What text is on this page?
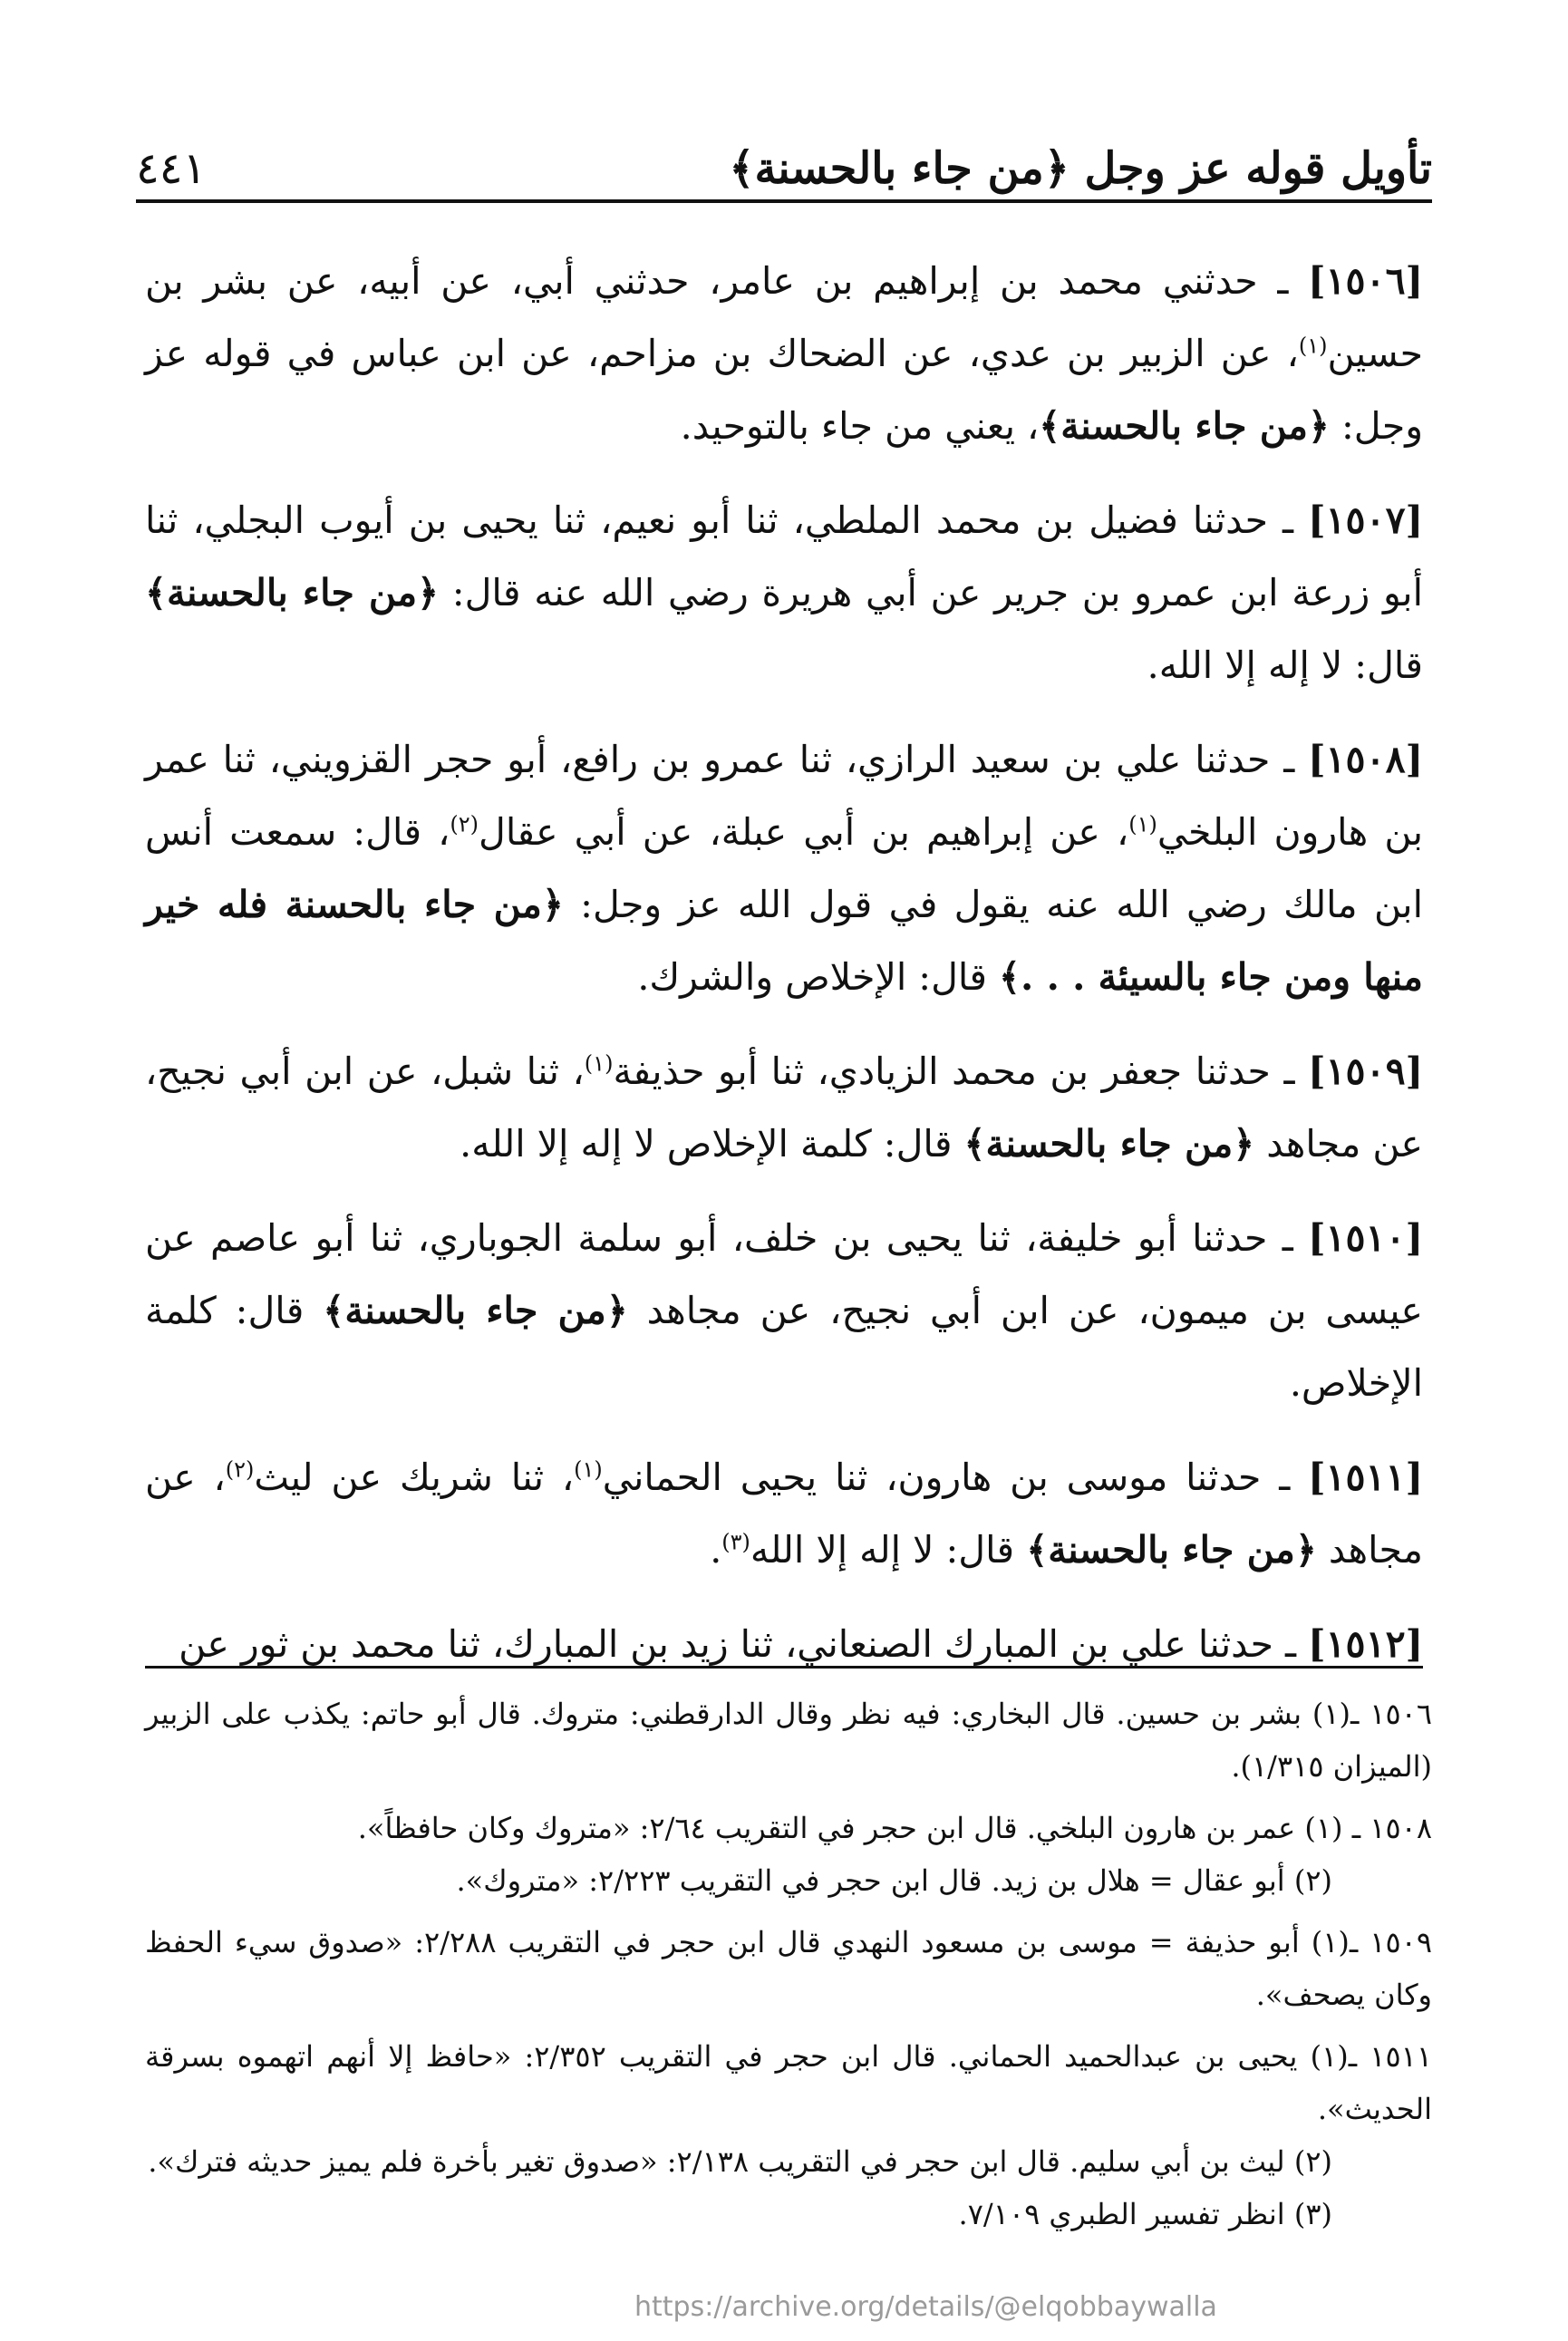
تأويل قوله عز وجل ﴿من جاء بالحسنة﴾
٤٤١

[١٥٠٦] ـ حدثني محمد بن إبراهيم بن عامر، حدثني أبي، عن أبيه، عن بشر بن حسين$^{(١)}$، عن الزبير بن عدي، عن الضحاك بن مزاحم، عن ابن عباس في قوله عز وجل: ﴿من جاء بالحسنة﴾، يعني من جاء بالتوحيد.

[١٥٠٧] ـ حدثنا فضيل بن محمد الملطي، ثنا أبو نعيم، ثنا يحيى بن أيوب البجلي، ثنا أبو زرعة ابن عمرو بن جرير عن أبي هريرة رضي الله عنه قال: ﴿من جاء بالحسنة﴾ قال: لا إله إلا الله.

[١٥٠٨] ـ حدثنا علي بن سعيد الرازي، ثنا عمرو بن رافع، أبو حجر القزويني، ثنا عمر بن هارون البلخي$^{(١)}$، عن إبراهيم بن أبي عبلة، عن أبي عقال$^{(٢)}$، قال: سمعت أنس ابن مالك رضي الله عنه يقول في قول الله عز وجل: ﴿من جاء بالحسنة فله خير منها ومن جاء بالسيئة . . .﴾ قال: الإخلاص والشرك.

[١٥٠٩] ـ حدثنا جعفر بن محمد الزيادي، ثنا أبو حذيفة$^{(١)}$، ثنا شبل، عن ابن أبي نجيح، عن مجاهد ﴿من جاء بالحسنة﴾ قال: كلمة الإخلاص لا إله إلا الله.

[١٥١٠] ـ حدثنا أبو خليفة، ثنا يحيى بن خلف، أبو سلمة الجوباري، ثنا أبو عاصم عن عيسى بن ميمون، عن ابن أبي نجيح، عن مجاهد ﴿من جاء بالحسنة﴾ قال: كلمة الإخلاص.

[١٥١١] ـ حدثنا موسى بن هارون، ثنا يحيى الحماني$^{(١)}$، ثنا شريك عن ليث$^{(٢)}$، عن مجاهد ﴿من جاء بالحسنة﴾ قال: لا إله إلا الله$^{(٣)}$.

[١٥١٢] ـ حدثنا علي بن المبارك الصنعاني، ثنا زيد بن المبارك، ثنا محمد بن ثور عن

١٥٠٦ ـ(١) بشر بن حسين. قال البخاري: فيه نظر وقال الدارقطني: متروك. قال أبو حاتم: يكذب على الزبير (الميزان ١/٣١٥).

١٥٠٨ ـ (١) عمر بن هارون البلخي. قال ابن حجر في التقريب ٢/٦٤: «متروك وكان حافظاً».
(٢) أبو عقال = هلال بن زيد. قال ابن حجر في التقريب ٢/٢٢٣: «متروك».

١٥٠٩ ـ(١) أبو حذيفة = موسى بن مسعود النهدي قال ابن حجر في التقريب ٢/٢٨٨: «صدوق سيء الحفظ وكان يصحف».

١٥١١ ـ(١) يحيى بن عبدالحميد الحماني. قال ابن حجر في التقريب ٢/٣٥٢: «حافظ إلا أنهم اتهموه بسرقة الحديث».
(٢) ليث بن أبي سليم. قال ابن حجر في التقريب ٢/١٣٨: «صدوق تغير بأخرة فلم يميز حديثه فترك».
(٣) انظر تفسير الطبري ٧/١٠٩.

https://archive.org/details/@elqobbaywalla
